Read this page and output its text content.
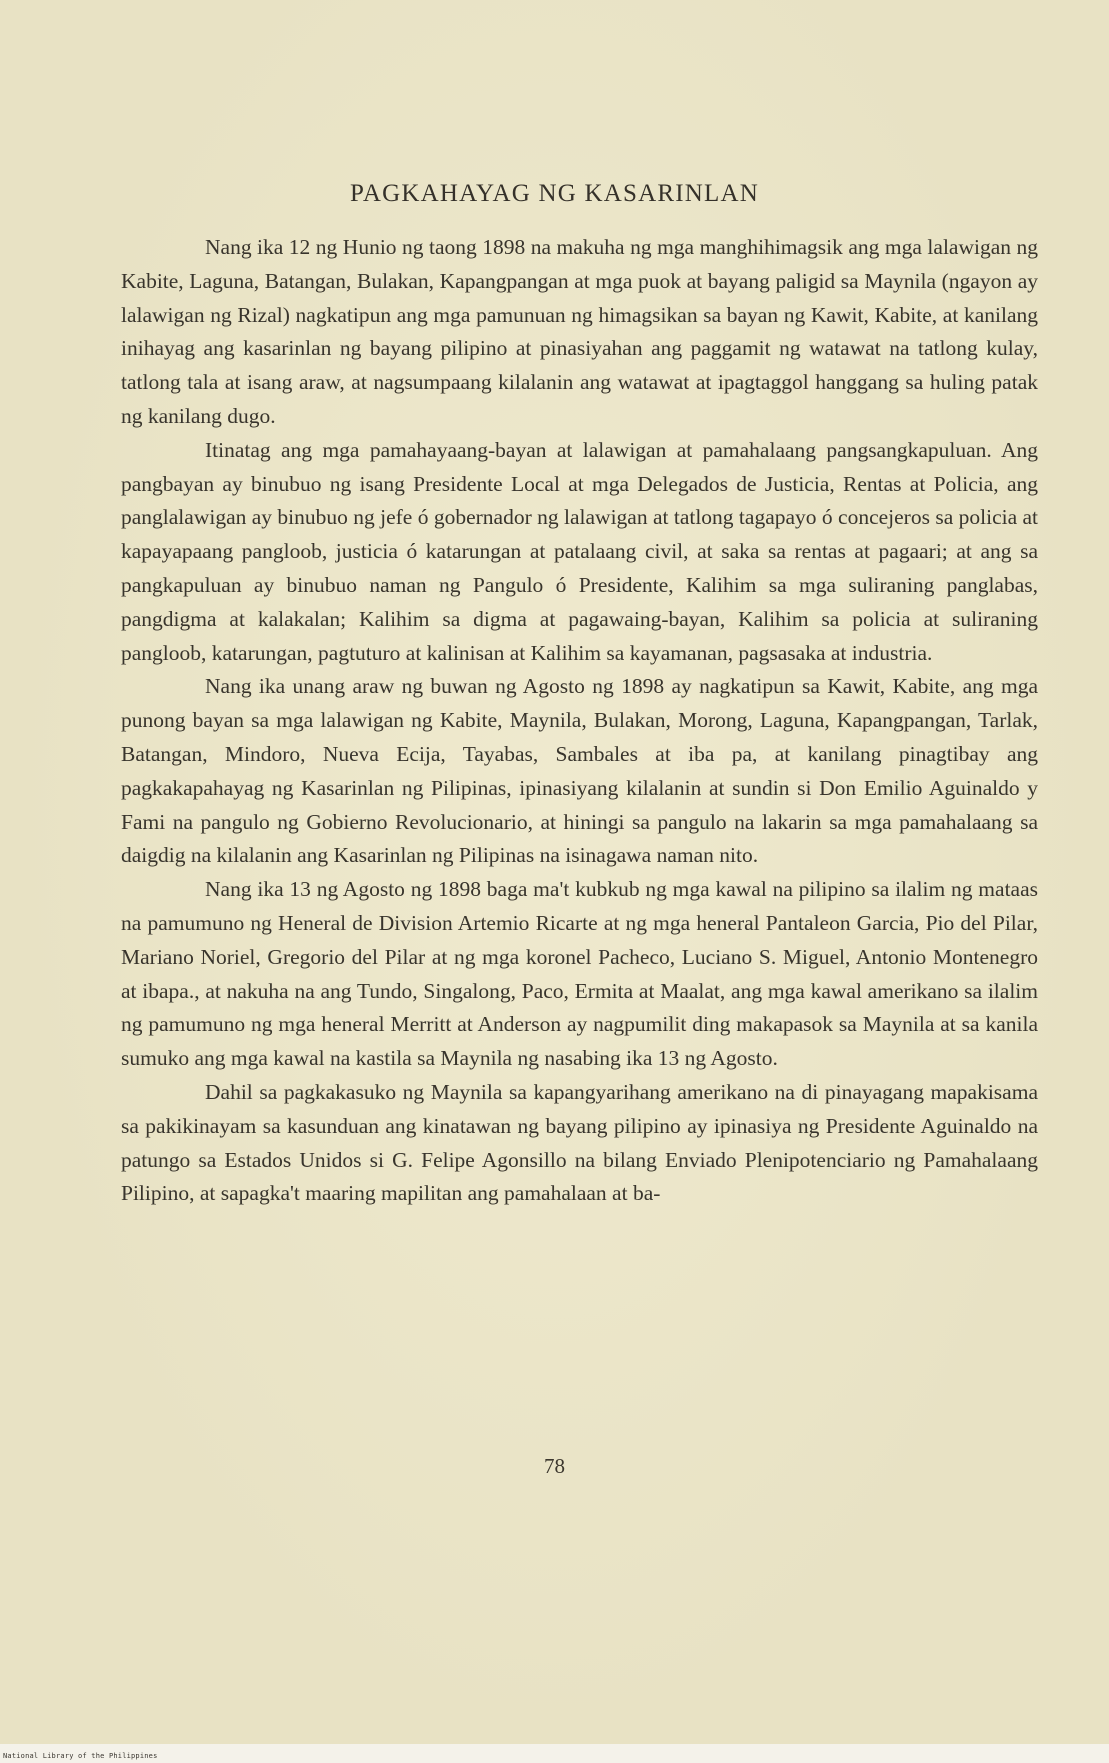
PAGKAHAYAG NG KASARINLAN

Nang ika 12 ng Hunio ng taong 1898 na makuha ng mga manghihimagsik ang mga lalawigan ng Kabite, Laguna, Batangan, Bulakan, Kapangpangan at mga puok at bayang paligid sa Maynila (ngayon ay lalawigan ng Rizal) nagkatipun ang mga pamunuan ng himagsikan sa bayan ng Kawit, Kabite, at kanilang inihayag ang kasarinlan ng bayang pilipino at pinasiyahan ang paggamit ng watawat na tatlong kulay, tatlong tala at isang araw, at nagsumpaang kilalanin ang watawat at ipagtaggol hanggang sa huling patak ng kanilang dugo.

Itinatag ang mga pamahayaang-bayan at lalawigan at pamahalaang pangsangkapuluan. Ang pangbayan ay binubuo ng isang Presidente Local at mga Delegados de Justicia, Rentas at Policia, ang panglalawigan ay binubuo ng jefe ó gobernador ng lalawigan at tatlong tagapayo ó concejeros sa policia at kapayapaang pangloob, justicia ó katarungan at patalaang civil, at saka sa rentas at pagaari; at ang sa pangkapuluan ay binubuo naman ng Pangulo ó Presidente, Kalihim sa mga suliraning panglabas, pangdigma at kalakalan; Kalihim sa digma at pagawaing-bayan, Kalihim sa policia at suliraning pangloob, katarungan, pagtuturo at kalinisan at Kalihim sa kayamanan, pagsasaka at industria.

Nang ika unang araw ng buwan ng Agosto ng 1898 ay nagkatipun sa Kawit, Kabite, ang mga punong bayan sa mga lalawigan ng Kabite, Maynila, Bulakan, Morong, Laguna, Kapangpangan, Tarlak, Batangan, Mindoro, Nueva Ecija, Tayabas, Sambales at iba pa, at kanilang pinagtibay ang pagkakapahayag ng Kasarinlan ng Pilipinas, ipinasiyang kilalanin at sundin si Don Emilio Aguinaldo y Fami na pangulo ng Gobierno Revolucionario, at hiningi sa pangulo na lakarin sa mga pamahalaang sa daigdig na kilalanin ang Kasarinlan ng Pilipinas na isinagawa naman nito.

Nang ika 13 ng Agosto ng 1898 baga ma't kubkub ng mga kawal na pilipino sa ilalim ng mataas na pamumuno ng Heneral de Division Artemio Ricarte at ng mga heneral Pantaleon Garcia, Pio del Pilar, Mariano Noriel, Gregorio del Pilar at ng mga koronel Pacheco, Luciano S. Miguel, Antonio Montenegro at ibapa., at nakuha na ang Tundo, Singalong, Paco, Ermita at Maalat, ang mga kawal amerikano sa ilalim ng pamumuno ng mga heneral Merritt at Anderson ay nagpumilit ding makapasok sa Maynila at sa kanila sumuko ang mga kawal na kastila sa Maynila ng nasabing ika 13 ng Agosto.

Dahil sa pagkakasuko ng Maynila sa kapangyarihang amerikano na di pinayagang mapakisama sa pakikinayam sa kasunduan ang kinatawan ng bayang pilipino ay ipinasiya ng Presidente Aguinaldo na patungo sa Estados Unidos si G. Felipe Agonsillo na bilang Enviado Plenipotenciario ng Pamahalaang Pilipino, at sapagka't maaring mapilitan ang pamahalaan at ba-

78
National Library of the Philippines
